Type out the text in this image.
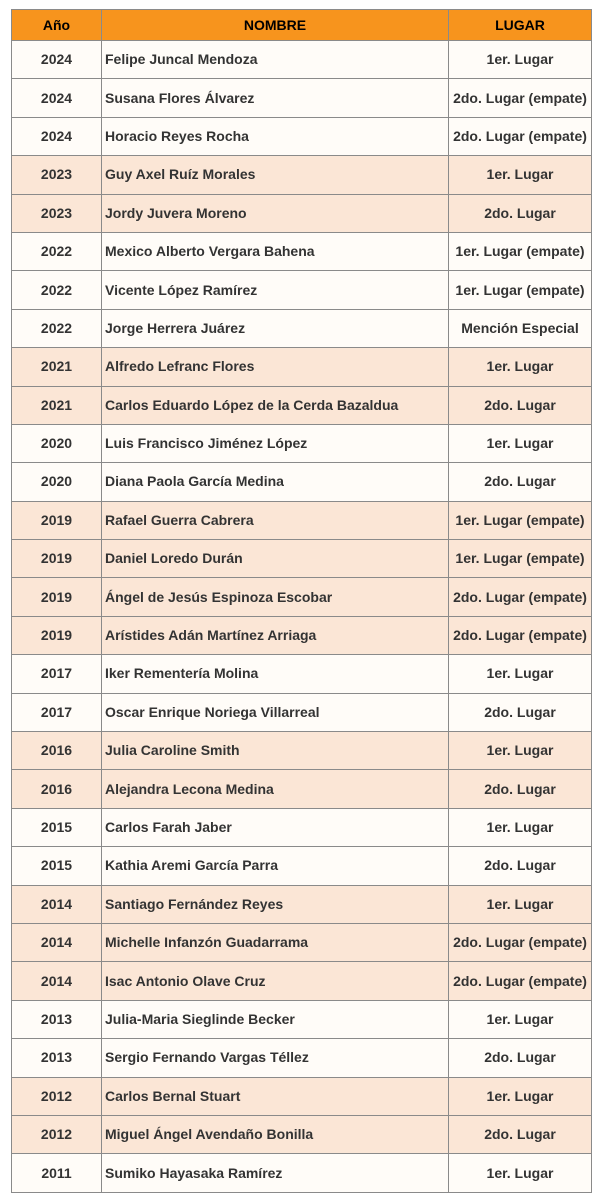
Año	NOMBRE	LUGAR
2024	Felipe Juncal Mendoza	1er. Lugar
2024	Susana Flores Álvarez	2do. Lugar (empate)
2024	Horacio Reyes Rocha	2do. Lugar (empate)
2023	Guy Axel Ruíz Morales	1er. Lugar
2023	Jordy Juvera Moreno	2do. Lugar
2022	Mexico Alberto Vergara Bahena	1er. Lugar (empate)
2022	Vicente López Ramírez	1er. Lugar (empate)
2022	Jorge Herrera Juárez	Mención Especial
2021	Alfredo Lefranc Flores	1er. Lugar
2021	Carlos Eduardo López de la Cerda Bazaldua	2do. Lugar
2020	Luis Francisco Jiménez López	1er. Lugar
2020	Diana Paola García Medina	2do. Lugar
2019	Rafael Guerra Cabrera	1er. Lugar (empate)
2019	Daniel Loredo Durán	1er. Lugar (empate)
2019	Ángel de Jesús Espinoza Escobar	2do. Lugar (empate)
2019	Arístides Adán Martínez Arriaga	2do. Lugar (empate)
2017	Iker Rementería Molina	1er. Lugar
2017	Oscar Enrique Noriega Villarreal	2do. Lugar
2016	Julia Caroline Smith	1er. Lugar
2016	Alejandra Lecona Medina	2do. Lugar
2015	Carlos Farah Jaber	1er. Lugar
2015	Kathia Aremi García Parra	2do. Lugar
2014	Santiago Fernández Reyes	1er. Lugar
2014	Michelle Infanzón Guadarrama	2do. Lugar (empate)
2014	Isac Antonio Olave Cruz	2do. Lugar (empate)
2013	Julia-Maria Sieglinde Becker	1er. Lugar
2013	Sergio Fernando Vargas Téllez	2do. Lugar
2012	Carlos Bernal Stuart	1er. Lugar
2012	Miguel Ángel Avendaño Bonilla	2do. Lugar
2011	Sumiko Hayasaka Ramírez	1er. Lugar
